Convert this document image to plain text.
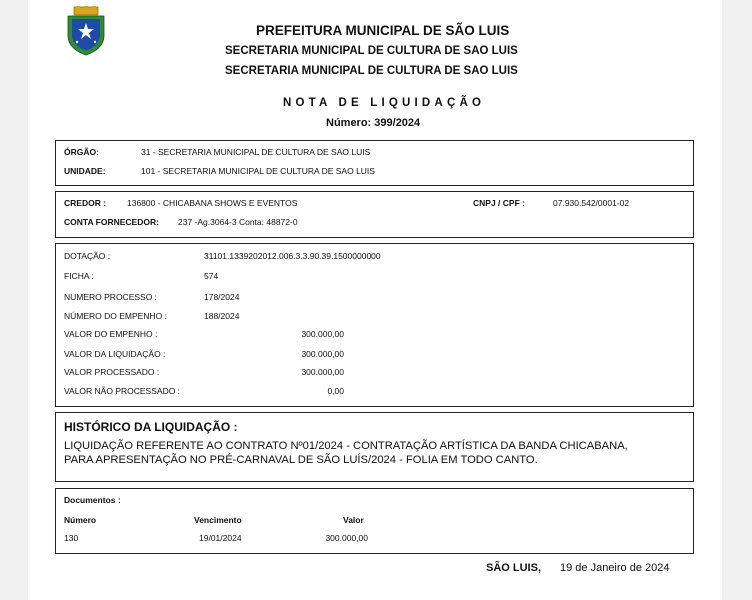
PREFEITURA MUNICIPAL DE SÃO LUIS
SECRETARIA MUNICIPAL DE CULTURA DE SAO LUIS
SECRETARIA MUNICIPAL DE CULTURA DE SAO LUIS
NOTA DE LIQUIDAÇÃO
Número: 399/2024
ÓRGÃO:	31 - SECRETARIA MUNICIPAL DE CULTURA DE SAO LUIS
UNIDADE:	101 - SECRETARIA MUNICIPAL DE CULTURA DE SAO LUIS
CREDOR : 136800 - CHICABANA SHOWS E EVENTOS	CNPJ / CPF :	07.930.542/0001-02
CONTA FORNECEDOR: 237 -Ag.3064-3 Conta: 48872-0
DOTAÇÃO :	31101.1339202012.006.3.3.90.39.1500000000
FICHA :	574
NUMERO PROCESSO :	178/2024
NÚMERO DO EMPENHO :	188/2024
VALOR DO EMPENHO :	300.000,00
VALOR DA LIQUIDAÇÃO :	300.000,00
VALOR PROCESSADO :	300.000,00
VALOR NÃO PROCESSADO :	0,00
HISTÓRICO DA LIQUIDAÇÃO :
LIQUIDAÇÃO REFERENTE AO CONTRATO Nº01/2024 - CONTRATAÇÃO ARTÍSTICA DA BANDA CHICABANA,
PARA APRESENTAÇÃO NO PRÉ-CARNAVAL DE SÃO LUÍS/2024 - FOLIA EM TODO CANTO.
Documentos :
Número	Vencimento	Valor
130	19/01/2024	300.000,00
SÃO LUIS, 19 de Janeiro de 2024
